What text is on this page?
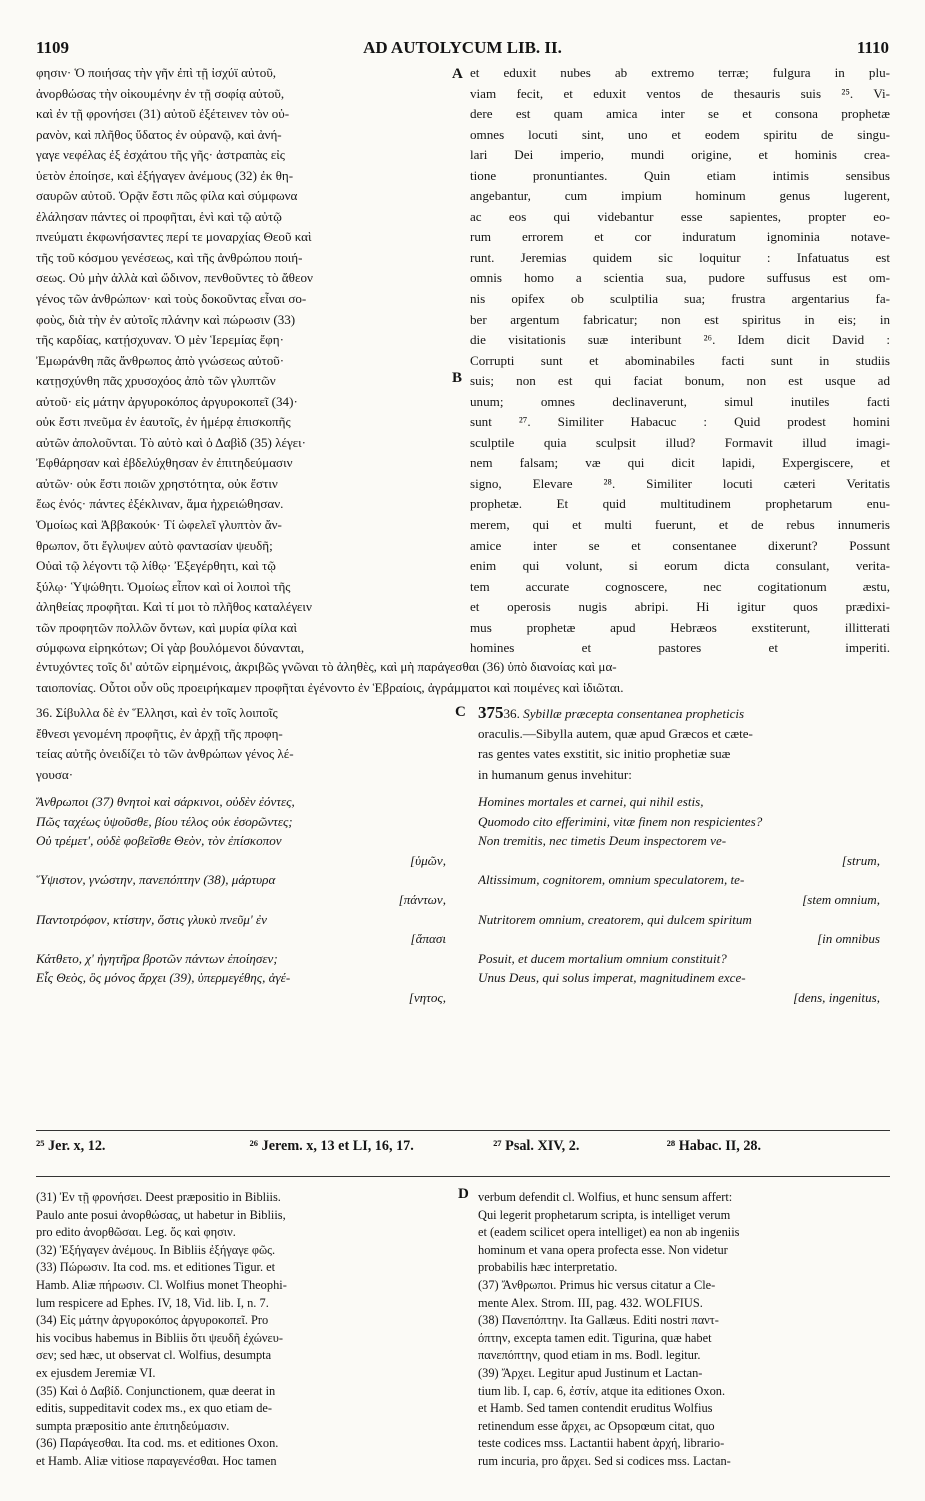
1109	AD AUTOLYCUM LIB. II.	1110
φησιν· Ὁ ποιήσας τὴν γῆν ἐπὶ τῇ ἰσχύϊ αὐτοῦ,
ἀνορθώσας τὴν οἰκουμένην ἐν τῇ σοφίᾳ αὐτοῦ,
καὶ ἐν τῇ φρονήσει (31) αὐτοῦ ἐξέτεινεν τὸν οὐ-
ρανὸν, καὶ πλῆθος ὕδατος ἐν οὐρανῷ, καὶ ἀνή-
γαγε νεφέλας ἐξ ἐσχάτου τῆς γῆς· ἀστραπὰς εἰς
ὑετὸν ἐποίησε, καὶ ἐξήγαγεν ἀνέμους (32) ἐκ θη-
σαυρῶν αὐτοῦ. Ὁρᾷν ἔστι πῶς φίλα καὶ σύμφωνα
ἐλάλησαν πάντες οἱ προφῆται, ἑνὶ καὶ τῷ αὐτῷ
πνεύματι ἐκφωνήσαντες περί τε μοναρχίας Θεοῦ καὶ
τῆς τοῦ κόσμου γενέσεως, καὶ τῆς ἀνθρώπου ποιή-
σεως. Οὐ μὴν ἀλλὰ καὶ ὤδινον, πενθοῦντες τὸ ἄθεον
γένος τῶν ἀνθρώπων· καὶ τοὺς δοκοῦντας εἶναι σο-
φοὺς, διὰ τὴν ἐν αὐτοῖς πλάνην καὶ πώρωσιν (33)
τῆς καρδίας, κατῄσχυναν. Ὁ μὲν Ἱερεμίας ἔφη·
Ἐμωράνθη πᾶς ἄνθρωπος ἀπὸ γνώσεως αὐτοῦ·
κατῃσχύνθη πᾶς χρυσοχόος ἀπὸ τῶν γλυπτῶν
αὐτοῦ· εἰς μάτην ἀργυροκόπος ἀργυροκοπεῖ (34)·
οὐκ ἔστι πνεῦμα ἐν ἑαυτοῖς, ἐν ἡμέρᾳ ἐπισκοπῆς
αὐτῶν ἀπολοῦνται. Τὸ αὐτὸ καὶ ὁ Δαβὶδ (35) λέγει·
Ἐφθάρησαν καὶ ἐβδελύχθησαν ἐν ἐπιτηδεύμασιν
αὐτῶν· οὐκ ἔστι ποιῶν χρηστότητα, οὐκ ἔστιν
ἕως ἑνός· πάντες ἐξέκλιναν, ἅμα ἠχρειώθησαν.
Ὁμοίως καὶ Ἀββακούκ· Τί ὠφελεῖ γλυπτὸν ἄν-
θρωπον, ὅτι ἔγλυψεν αὐτὸ φαντασίαν ψευδῆ;
Οὐαὶ τῷ λέγοντι τῷ λίθῳ· Ἐξεγέρθητι, καὶ τῷ
ξύλῳ· Ὑψώθητι. Ὁμοίως εἶπον καὶ οἱ λοιποὶ τῆς
ἀληθείας προφῆται. Καὶ τί μοι τὸ πλῆθος καταλέγειν
τῶν προφητῶν πολλῶν ὄντων, καὶ μυρία φίλα καὶ
σύμφωνα εἰρηκότων; Οἱ γὰρ βουλόμενοι δύνανται,
et eduxit nubes ab extremo terræ; fulgura in plu-
viam fecit, et eduxit ventos de thesauris suis ²⁵. Vi-
dere est quam amica inter se et consona prophetæ
omnes locuti sint, uno et eodem spiritu de singu-
lari Dei imperio, mundi origine, et hominis crea-
tione pronuntiantes. Quin etiam intimis sensibus
angebantur, cum impium hominum genus lugerent,
ac eos qui videbantur esse sapientes, propter eo-
rum errorem et cor induratum ignominia notave-
runt. Jeremias quidem sic loquitur : Infatuatus est
omnis homo a scientia sua, pudore suffusus est om-
nis opifex ob sculptilia sua; frustra argentarius fa-
ber argentum fabricatur; non est spiritus in eis; in
die visitationis suæ interibunt ²⁶. Idem dicit David :
Corrupti sunt et abominabiles facti sunt in studiis
suis; non est qui faciat bonum, non est usque ad
unum; omnes declinaverunt, simul inutiles facti
sunt ²⁷. Similiter Habacuc : Quid prodest homini
sculptile quia sculpsit illud? Formavit illud imagi-
nem falsam; væ qui dicit lapidi, Expergiscere, et
signo, Elevare ²⁸. Similiter locuti cæteri Veritatis
prophetæ. Et quid multitudinem prophetarum enu-
merem, qui et multi fuerunt, et de rebus innumeris
amice inter se et consentanee dixerunt? Possunt
enim qui volunt, si eorum dicta consulant, verita-
tem accurate cognoscere, nec cogitationum æstu,
et operosis nugis abripi. Hi igitur quos prædixi-
mus prophetæ apud Hebræos exstiterunt, illitterati
homines et pastores et imperiti.
A
B
ἐντυχόντες τοῖς δι' αὐτῶν εἰρημένοις, ἀκριβῶς γνῶναι τὸ ἀληθὲς, καὶ μὴ παράγεσθαι (36) ὑπὸ διανοίας καὶ μα-
ταιοπονίας. Οὗτοι οὖν οὓς προειρήκαμεν προφῆται ἐγένοντο ἐν Ἑβραίοις, ἀγράμματοι καὶ ποιμένες καὶ ἰδιῶται.
36. Σίβυλλα δὲ ἐν Ἕλλησι, καὶ ἐν τοῖς λοιποῖς
ἔθνεσι γενομένη προφῆτις, ἐν ἀρχῇ τῆς προφη-
τείας αὐτῆς ὀνειδίζει τὸ τῶν ἀνθρώπων γένος λέ-
γουσα·
C 37536. Sybillæ præcepta consentanea propheticis
oraculis.—Sibylla autem, quæ apud Græcos et cæte-
ras gentes vates exstitit, sic initio prophetiæ suæ
in humanum genus invehitur:
Ἄνθρωποι (37) θνητοὶ καὶ σάρκινοι, οὐδὲν ἐόντες,
Πῶς ταχέως ὑψοῦσθε, βίου τέλος οὐκ ἐσορῶντες;
Οὐ τρέμετ', οὐδὲ φοβεῖσθε Θεὸν, τὸν ἐπίσκοπον
[ὑμῶν,
Ὕψιστον, γνώστην, πανεπόπτην (38), μάρτυρα
[πάντων,
Παντοτρόφον, κτίστην, ὅστις γλυκὺ πνεῦμ' ἐν
[ἅπασι
Κάτθετο, χ' ἡγητῆρα βροτῶν πάντων ἐποίησεν;
Εἷς Θεὸς, ὃς μόνος ἄρχει (39), ὑπερμεγέθης, ἀγέ-
[νητος,
Homines mortales et carnei, qui nihil estis,
Quomodo cito efferimini, vitæ finem non respicientes?
Non tremitis, nec timetis Deum inspectorem ve-
[strum,
Altissimum, cognitorem, omnium speculatorem, te-
[stem omnium,
Nutritorem omnium, creatorem, qui dulcem spiritum
[in omnibus
Posuit, et ducem mortalium omnium constituit?
Unus Deus, qui solus imperat, magnitudinem exce-
[dens, ingenitus,
²⁵ Jer. x, 12.	²⁶ Jerem. x, 13 et LI, 16, 17.	²⁷ Psal. XIV, 2.	²⁸ Habac. II, 28.
(31) Ἐν τῇ φρονήσει. Deest præpositio in Bibliis.
Paulo ante posui ἀνορθώσας, ut habetur in Bibliis,
pro edito ἀνορθῶσαι. Leg. ὅς καὶ φησιν.
(32) Ἐξήγαγεν ἀνέμους. In Bibliis ἐξήγαγε φῶς.
(33) Πώρωσιν. Ita cod. ms. et editiones Tigur. et
Hamb. Aliæ πήρωσιν. Cl. Wolfius monet Theophi-
lum respicere ad Ephes. IV, 18, Vid. lib. I, n. 7.
(34) Εἰς μάτην ἀργυροκόπος ἀργυροκοπεῖ. Pro
his vocibus habemus in Bibliis ὅτι ψευδῆ ἐχώνευ-
σεν; sed hæc, ut observat cl. Wolfius, desumpta
ex ejusdem Jeremiæ VI.
(35) Καὶ ὁ Δαβίδ. Conjunctionem, quæ deerat in
editis, suppeditavit codex ms., ex quo etiam de-
sumpta præpositio ante ἐπιτηδεύμασιν.
(36) Παράγεσθαι. Ita cod. ms. et editiones Oxon.
et Hamb. Aliæ vitiose παραγενέσθαι. Hoc tamen
D verbum defendit cl. Wolfius, et hunc sensum affert:
Qui legerit prophetarum scripta, is intelliget verum
et (eadem scilicet opera intelliget) ea non ab ingeniis
hominum et vana opera profecta esse. Non videtur
probabilis hæc interpretatio.
(37) Ἄνθρωποι. Primus hic versus citatur a Cle-
mente Alex. Strom. III, pag. 432. WOLFIUS.
(38) Πανεπόπτην. Ita Gallæus. Editi nostri παντ-
όπτην, excepta tamen edit. Tigurina, quæ habet
πανεπόπτην, quod etiam in ms. Bodl. legitur.
(39) Ἄρχει. Legitur apud Justinum et Lactan-
tium lib. I, cap. 6, ἐστίν, atque ita editiones Oxon.
et Hamb. Sed tamen contendit eruditus Wolfius
retinendum esse ἄρχει, ac Opsopœum citat, quo
teste codices mss. Lactantii habent ἀρχή, librario-
rum incuria, pro ἄρχει. Sed si codices mss. Lactan-
